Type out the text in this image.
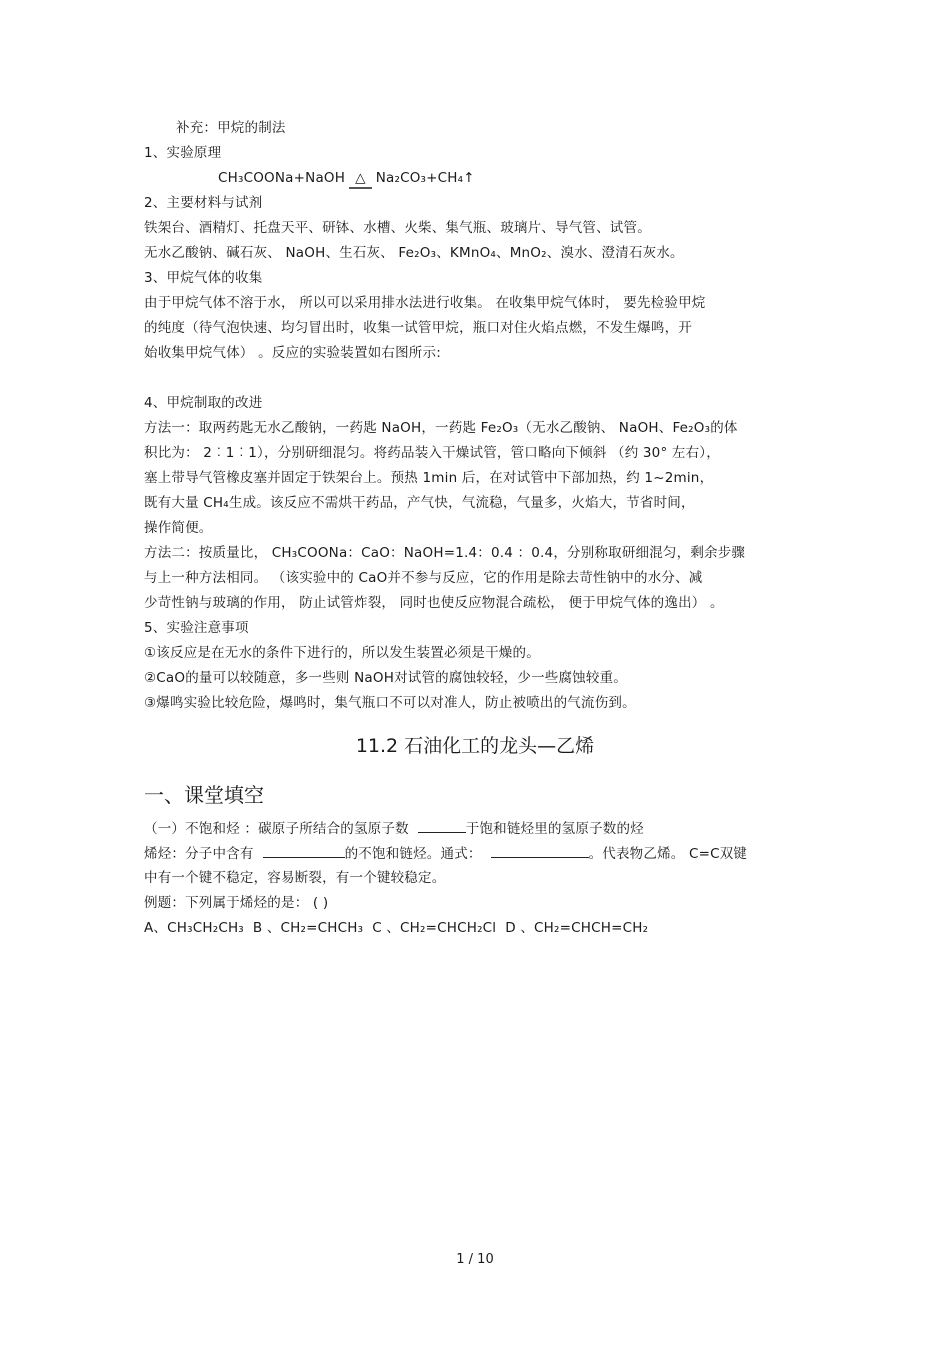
补充：甲烷的制法
1、实验原理
CH₃COONa+NaOH △ Na₂CO₃+CH₄↑
2、主要材料与试剂
铁架台、酒精灯、托盘天平、研钵、水槽、火柴、集气瓶、玻璃片、导气管、试管。
无水乙酸钠、碱石灰、 NaOH、生石灰、 Fe₂O₃、KMnO₄、MnO₂、溴水、澄清石灰水。
3、甲烷气体的收集
由于甲烷气体不溶于水， 所以可以采用排水法进行收集。 在收集甲烷气体时， 要先检验甲烷
的纯度（待气泡快速、均匀冒出时，收集一试管甲烷，瓶口对住火焰点燃，不发生爆鸣，开
始收集甲烷气体） 。反应的实验装置如右图所示:
4、甲烷制取的改进
方法一：取两药匙无水乙酸钠，一药匙 NaOH，一药匙 Fe₂O₃（无水乙酸钠、 NaOH、Fe₂O₃的体
积比为： 2︰1︰1），分别研细混匀。将药品装入干燥试管，管口略向下倾斜 （约 30° 左右），
塞上带导气管橡皮塞并固定于铁架台上。预热 1min 后，在对试管中下部加热，约 1~2min，
既有大量 CH₄生成。该反应不需烘干药品，产气快，气流稳，气量多，火焰大，节省时间，
操作简便。
方法二：按质量比， CH₃COONa：CaO：NaOH=1.4：0.4 ：0.4，分别称取研细混匀，剩余步骤
与上一种方法相同。 （该实验中的 CaO并不参与反应，它的作用是除去苛性钠中的水分、减
少苛性钠与玻璃的作用， 防止试管炸裂， 同时也使反应物混合疏松， 便于甲烷气体的逸出） 。
5、实验注意事项
①该反应是在无水的条件下进行的，所以发生装置必须是干燥的。
②CaO的量可以较随意，多一些则 NaOH对试管的腐蚀较轻，少一些腐蚀较重。
③爆鸣实验比较危险，爆鸣时，集气瓶口不可以对准人，防止被喷出的气流伤到。
11.2 石油化工的龙头—乙烯
一、课堂填空
（一）不饱和烃 ：碳原子所结合的氢原子数	于饱和链烃里的氢原子数的烃
烯烃：分子中含有	的不饱和链烃。通式：	。代表物乙烯。 C=C双键
中有一个键不稳定，容易断裂，有一个键较稳定。
例题：下列属于烯烃的是： ( )
A、CH₃CH₂CH₃  B 、CH₂=CHCH₃  C 、CH₂=CHCH₂Cl  D 、CH₂=CHCH=CH₂
1 / 10
